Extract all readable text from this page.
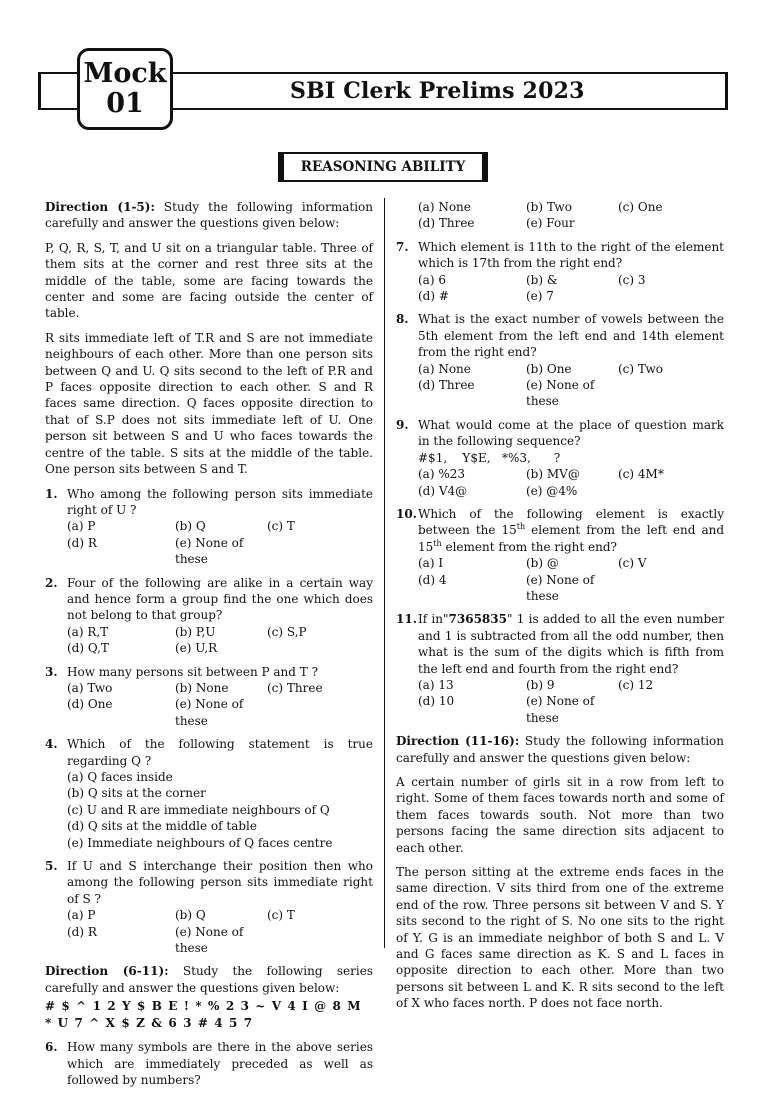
SBI Clerk Prelims 2023
Mock
01
REASONING ABILITY

Direction (1-5): Study the following information carefully and answer the questions given below:

P, Q, R, S, T, and U sit on a triangular table. Three of them sits at the corner and rest three sits at the middle of the table, some are facing towards the center and some are facing outside the center of table.

R sits immediate left of T.R and S are not immediate neighbours of each other. More than one person sits between Q and U. Q sits second to the left of P.R and P faces opposite direction to each other. S and R faces same direction. Q faces opposite direction to that of S.P does not sits immediate left of U. One person sit between S and U who faces towards the centre of the table. S sits at the middle of the table. One person sits between S and T.

1. Who among the following person sits immediate right of U ?
(a) P	(b) Q	(c) T
(d) R	(e) None of these
2. Four of the following are alike in a certain way and hence form a group find the one which does not belong to that group?
(a) R,T	(b) P,U	(c) S,P
(d) Q,T	(e) U,R
3. How many persons sit between P and T ?
(a) Two	(b) None	(c) Three
(d) One	(e) None of these
4. Which of the following statement is true regarding Q ?
(a) Q faces inside
(b) Q sits at the corner
(c) U and R are immediate neighbours of Q
(d) Q sits at the middle of table
(e) Immediate neighbours of Q faces centre
5. If U and S interchange their position then who among the following person sits immediate right of S ?
(a) P	(b) Q	(c) T
(d) R	(e) None of these

Direction (6-11): Study the following series carefully and answer the questions given below:

# $ ^ 1 2 Y $ B E ! * % 2 3 ~ V 4 I @ 8 M * U 7 ^ X $ Z & 6 3 # 4 5 7
6. How many symbols are there in the above series which are immediately preceded as well as followed by numbers?
(a) None	(b) Two	(c) One
(d) Three	(e) Four
7. Which element is 11th to the right of the element which is 17th from the right end?
(a) 6	(b) &	(c) 3
(d) #	(e) 7
8. What is the exact number of vowels between the 5th element from the left end and 14th element from the right end?
(a) None	(b) One	(c) Two
(d) Three	(e) None of these
9. What would come at the place of question mark in the following sequence?
#$1,    Y$E,   *%3,      ?
(a) %23	(b) MV@	(c) 4M*
(d) V4@	(e) @4%
10. Which of the following element is exactly between the 15th element from the left end and 15th element from the right end?
(a) I	(b) @	(c) V
(d) 4	(e) None of these
11. If in"7365835" 1 is added to all the even number and 1 is subtracted from all the odd number, then what is the sum of the digits which is fifth from the left end and fourth from the right end?
(a) 13	(b) 9	(c) 12
(d) 10	(e) None of these

Direction (11-16): Study the following information carefully and answer the questions given below:

A certain number of girls sit in a row from left to right. Some of them faces towards north and some of them faces towards south. Not more than two persons facing the same direction sits adjacent to each other.

The person sitting at the extreme ends faces in the same direction. V sits third from one of the extreme end of the row. Three persons sit between V and S. Y sits second to the right of S. No one sits to the right of Y. G is an immediate neighbor of both S and L. V and G faces same direction as K. S and L faces in opposite direction to each other. More than two persons sit between L and K. R sits second to the left of X who faces north. P does not face north.
